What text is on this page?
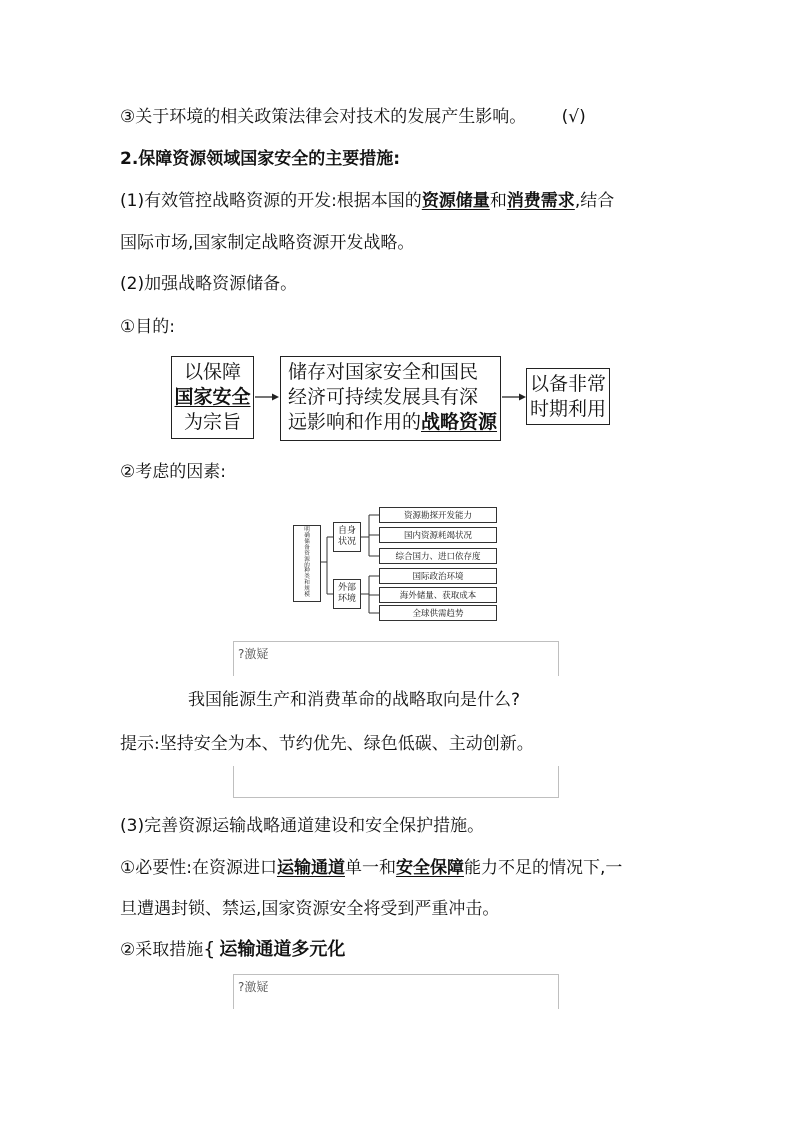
③关于环境的相关政策法律会对技术的发展产生影响。 (√)
2.保障资源领域国家安全的主要措施:
(1)有效管控战略资源的开发:根据本国的资源储量和消费需求,结合
国际市场,国家制定战略资源开发战略。
(2)加强战略资源储备。
①目的:
以保障
国家安全
为宗旨
储存对国家安全和国民
经济可持续发展具有深
远影响和作用的战略资源
以备非常
时期利用
②考虑的因素:
明
确
储
备
资
源
的
种
类
和
规
模
自身
状况
外部
环境
资源勘探开发能力
国内资源耗竭状况
综合国力、进口依存度
国际政治环境
海外储量、获取成本
全球供需趋势
?激疑
我国能源生产和消费革命的战略取向是什么?
提示:坚持安全为本、节约优先、绿色低碳、主动创新。
(3)完善资源运输战略通道建设和安全保护措施。
①必要性:在资源进口运输通道单一和安全保障能力不足的情况下,一
旦遭遇封锁、禁运,国家资源安全将受到严重冲击。
②采取措施{ 运输通道多元化
?激疑
